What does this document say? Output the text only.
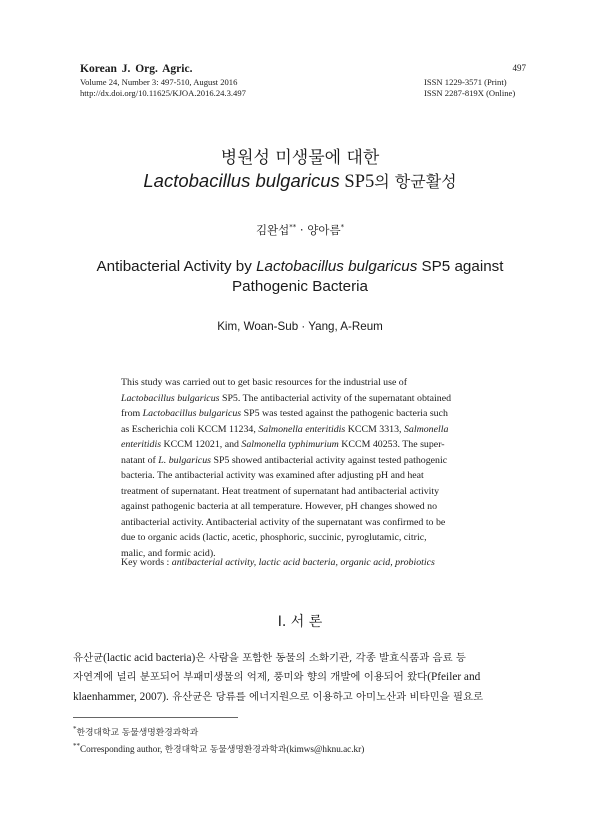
Korean J. Org. Agric.
Volume 24, Number 3: 497-510, August 2016
http://dx.doi.org/10.11625/KJOA.2016.24.3.497
497
ISSN 1229-3571 (Print)
ISSN 2287-819X (Online)
병원성 미생물에 대한
Lactobacillus bulgaricus SP5의 항균활성
김완섭** · 양아름*
Antibacterial Activity by Lactobacillus bulgaricus SP5 against
Pathogenic Bacteria
Kim, Woan-Sub · Yang, A-Reum
This study was carried out to get basic resources for the industrial use of
Lactobacillus bulgaricus SP5. The antibacterial activity of the supernatant obtained
from Lactobacillus bulgaricus SP5 was tested against the pathogenic bacteria such
as Escherichia coli KCCM 11234, Salmonella enteritidis KCCM 3313, Salmonella
enteritidis KCCM 12021, and Salmonella typhimurium KCCM 40253. The super-
natant of L. bulgaricus SP5 showed antibacterial activity against tested pathogenic
bacteria. The antibacterial activity was examined after adjusting pH and heat
treatment of supernatant. Heat treatment of supernatant had antibacterial activity
against pathogenic bacteria at all temperature. However, pH changes showed no
antibacterial activity. Antibacterial activity of the supernatant was confirmed to be
due to organic acids (lactic, acetic, phosphoric, succinic, pyroglutamic, citric,
malic, and formic acid).
Key words : antibacterial activity, lactic acid bacteria, organic acid, probiotics
Ⅰ. 서 론
유산균(lactic acid bacteria)은 사람을 포함한 동물의 소화기관, 각종 발효식품과 음료 등
자연계에 널리 분포되어 부패미생물의 억제, 풍미와 향의 개발에 이용되어 왔다(Pfeiler and
klaenhammer, 2007). 유산균은 당류를 에너지원으로 이용하고 아미노산과 비타민을 필요로
*한경대학교 동물생명환경과학과
**Corresponding author, 한경대학교 동물생명환경과학과(kimws@hknu.ac.kr)
